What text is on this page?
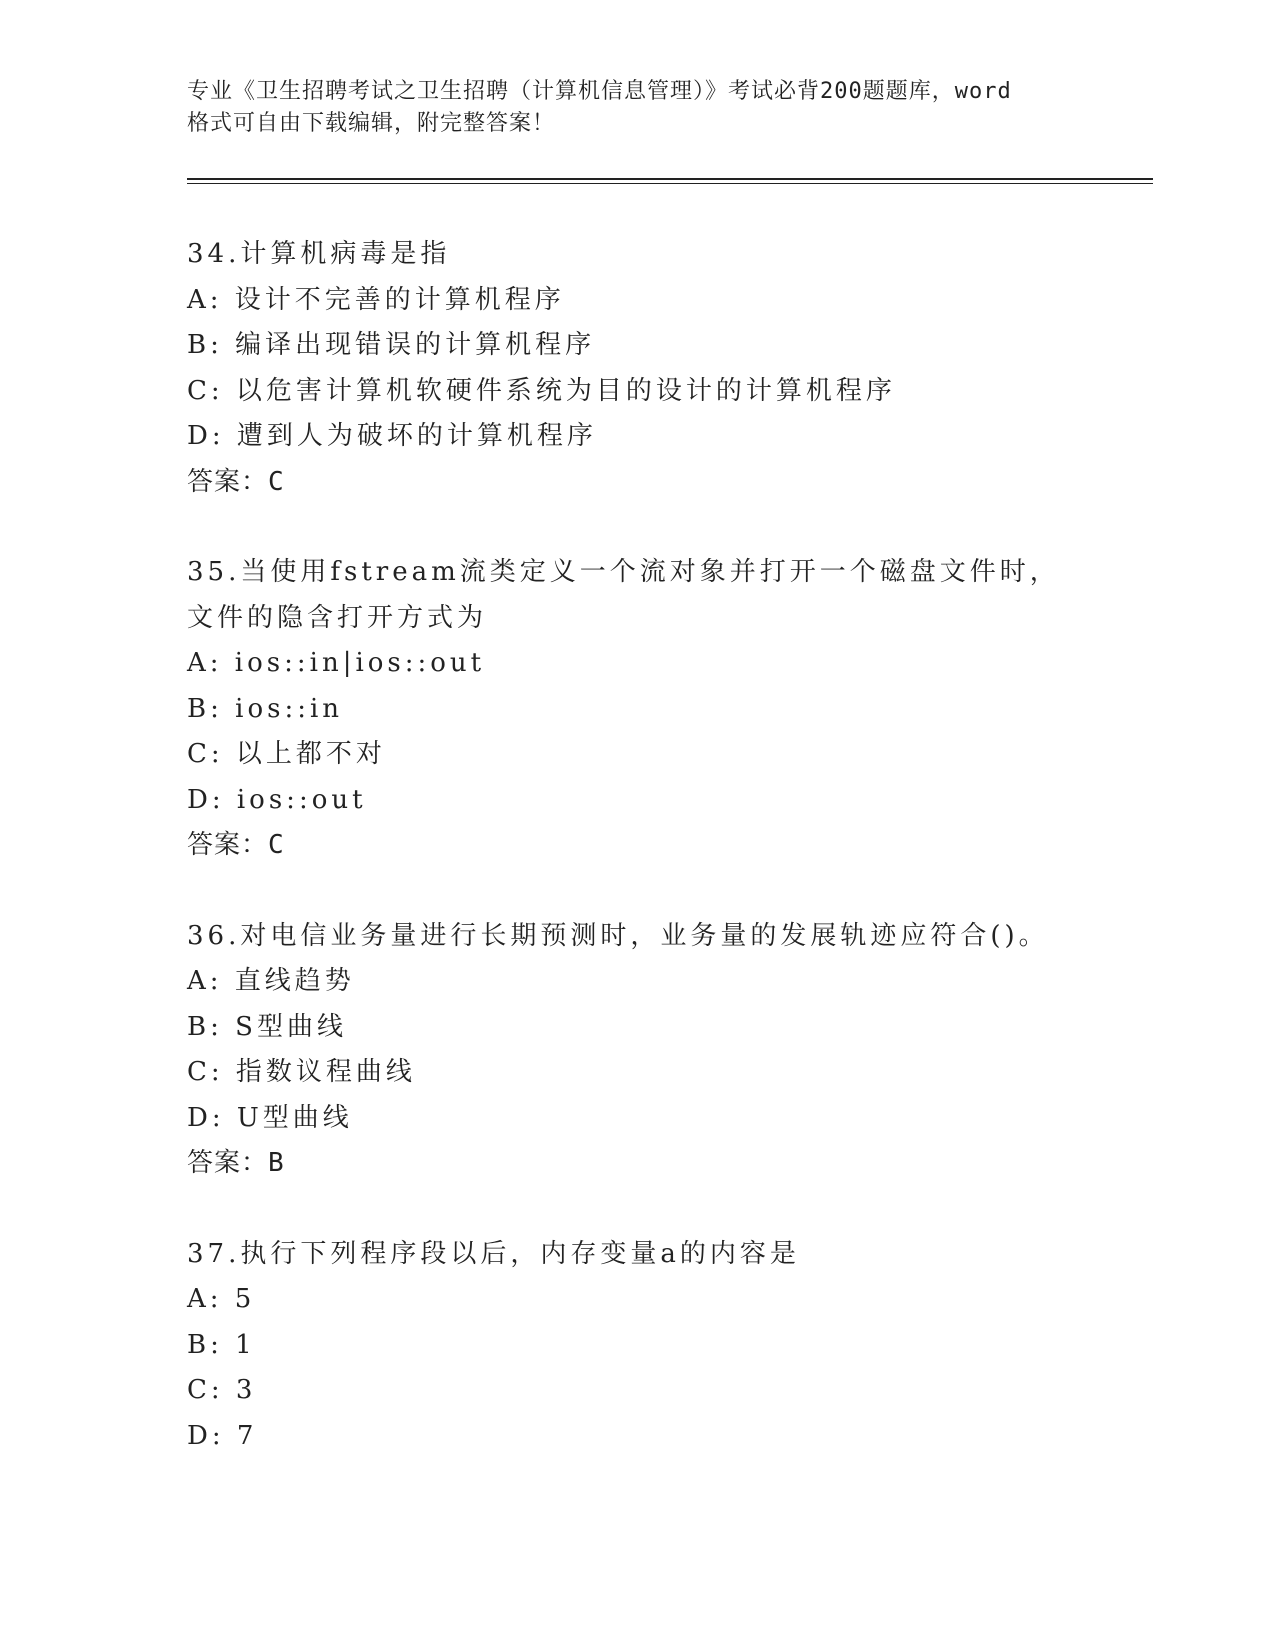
专业《卫生招聘考试之卫生招聘（计算机信息管理）》考试必背200题题库，word
格式可自由下载编辑，附完整答案！

34.计算机病毒是指

A: 设计不完善的计算机程序

B: 编译出现错误的计算机程序

C: 以危害计算机软硬件系统为目的设计的计算机程序

D: 遭到人为破坏的计算机程序

答案：C

35.当使用fstream流类定义一个流对象并打开一个磁盘文件时，文件的隐含打开方式为

A: ios::in|ios::out

B: ios::in

C: 以上都不对

D: ios::out

答案：C

36.对电信业务量进行长期预测时，业务量的发展轨迹应符合()。

A: 直线趋势

B: S型曲线

C: 指数议程曲线

D: U型曲线

答案：B

37.执行下列程序段以后，内存变量a的内容是

A: 5

B: 1

C: 3

D: 7
